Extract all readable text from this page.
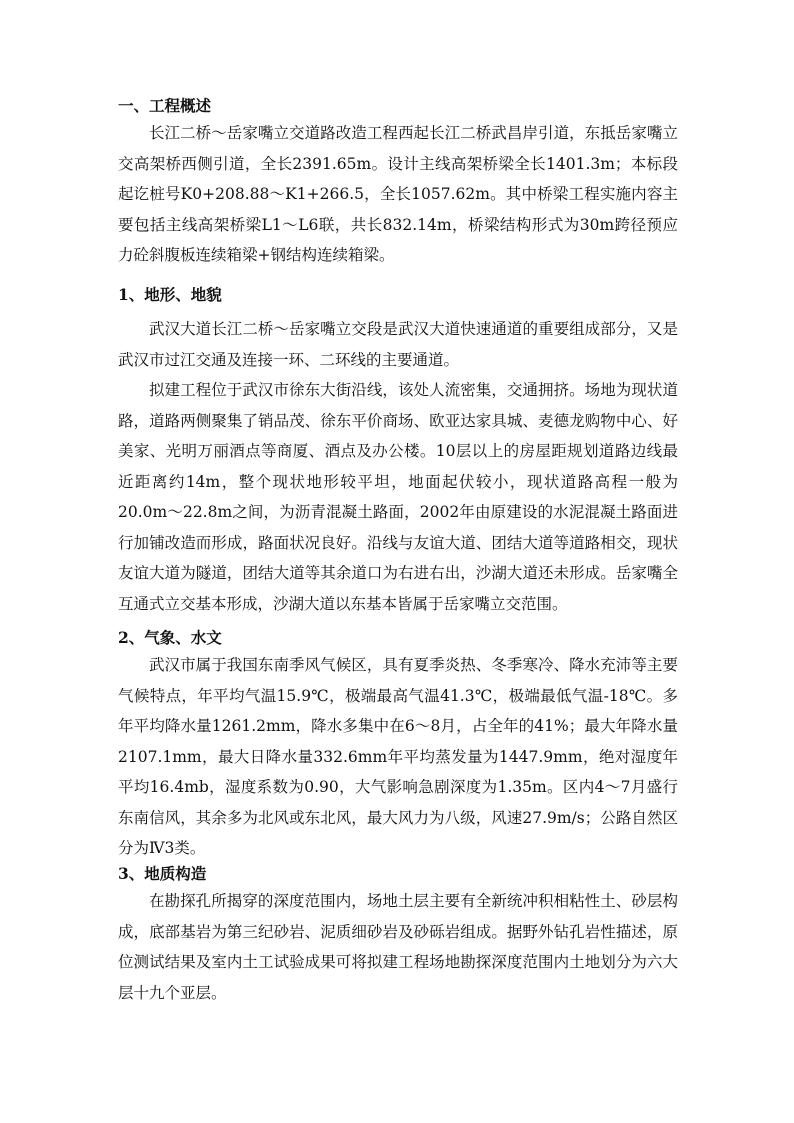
一、工程概述

长江二桥～岳家嘴立交道路改造工程西起长江二桥武昌岸引道，东抵岳家嘴立交高架桥西侧引道，全长2391.65m。设计主线高架桥梁全长1401.3m；本标段起讫桩号K0+208.88～K1+266.5，全长1057.62m。其中桥梁工程实施内容主要包括主线高架桥梁L1～L6联，共长832.14m，桥梁结构形式为30m跨径预应力砼斜腹板连续箱梁+钢结构连续箱梁。

1、地形、地貌

武汉大道长江二桥～岳家嘴立交段是武汉大道快速通道的重要组成部分，又是武汉市过江交通及连接一环、二环线的主要通道。

拟建工程位于武汉市徐东大街沿线，该处人流密集，交通拥挤。场地为现状道路，道路两侧聚集了销品茂、徐东平价商场、欧亚达家具城、麦德龙购物中心、好美家、光明万丽酒点等商厦、酒点及办公楼。10层以上的房屋距规划道路边线最近距离约14m，整个现状地形较平坦，地面起伏较小，现状道路高程一般为20.0m～22.8m之间，为沥青混凝土路面，2002年由原建设的水泥混凝土路面进行加铺改造而形成，路面状况良好。沿线与友谊大道、团结大道等道路相交，现状友谊大道为隧道，团结大道等其余道口为右进右出，沙湖大道还未形成。岳家嘴全互通式立交基本形成，沙湖大道以东基本皆属于岳家嘴立交范围。

2、气象、水文

武汉市属于我国东南季风气候区，具有夏季炎热、冬季寒冷、降水充沛等主要气候特点，年平均气温15.9℃，极端最高气温41.3℃，极端最低气温-18℃。多年平均降水量1261.2mm，降水多集中在6～8月，占全年的41%；最大年降水量2107.1mm，最大日降水量332.6mm年平均蒸发量为1447.9mm，绝对湿度年平均16.4mb，湿度系数为0.90，大气影响急剧深度为1.35m。区内4～7月盛行东南信风，其余多为北风或东北风，最大风力为八级，风速27.9m/s；公路自然区分为Ⅳ3类。

3、地质构造

在勘探孔所揭穿的深度范围内，场地土层主要有全新统冲积相粘性土、砂层构成，底部基岩为第三纪砂岩、泥质细砂岩及砂砾岩组成。据野外钻孔岩性描述，原位测试结果及室内土工试验成果可将拟建工程场地勘探深度范围内土地划分为六大层十九个亚层。
